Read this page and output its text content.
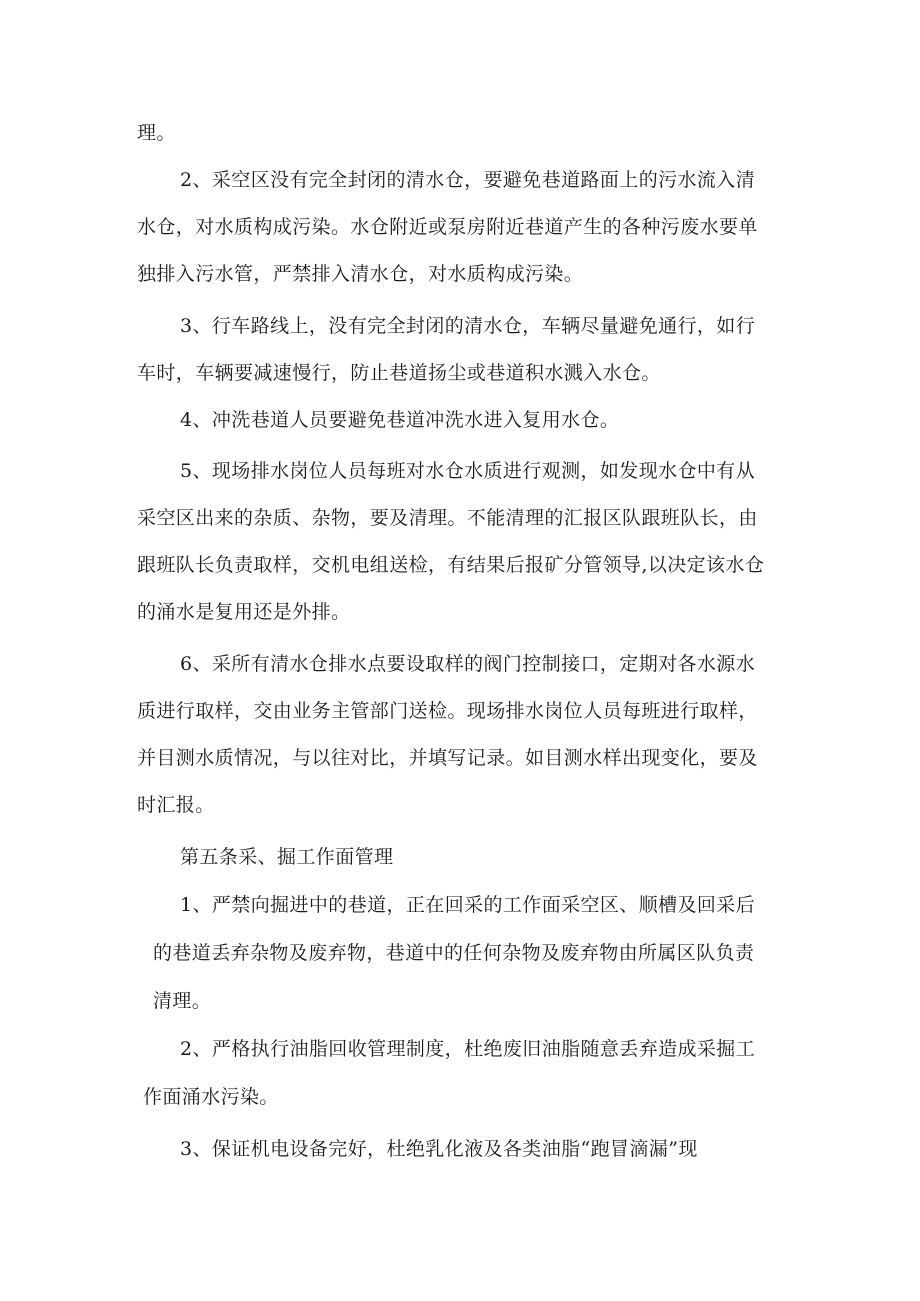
理。
2、采空区没有完全封闭的清水仓，要避免巷道路面上的污水流入清
水仓，对水质构成污染。水仓附近或泵房附近巷道产生的各种污废水要单
独排入污水管，严禁排入清水仓，对水质构成污染。
3、行车路线上，没有完全封闭的清水仓，车辆尽量避免通行，如行
车时，车辆要减速慢行，防止巷道扬尘或巷道积水溅入水仓。
4、冲洗巷道人员要避免巷道冲洗水进入复用水仓。
5、现场排水岗位人员每班对水仓水质进行观测，如发现水仓中有从
采空区出来的杂质、杂物，要及清理。不能清理的汇报区队跟班队长，由
跟班队长负责取样，交机电组送检，有结果后报矿分管领导,以决定该水仓
的涌水是复用还是外排。
6、采所有清水仓排水点要设取样的阀门控制接口，定期对各水源水
质进行取样，交由业务主管部门送检。现场排水岗位人员每班进行取样，
并目测水质情况，与以往对比，并填写记录。如目测水样出现变化，要及
时汇报。
第五条采、掘工作面管理
1、严禁向掘进中的巷道，正在回采的工作面采空区、顺槽及回采后
的巷道丢弃杂物及废弃物，巷道中的任何杂物及废弃物由所属区队负责
清理。
2、严格执行油脂回收管理制度，杜绝废旧油脂随意丢弃造成采掘工
作面涌水污染。
3、保证机电设备完好，杜绝乳化液及各类油脂“跑冒滴漏”现
